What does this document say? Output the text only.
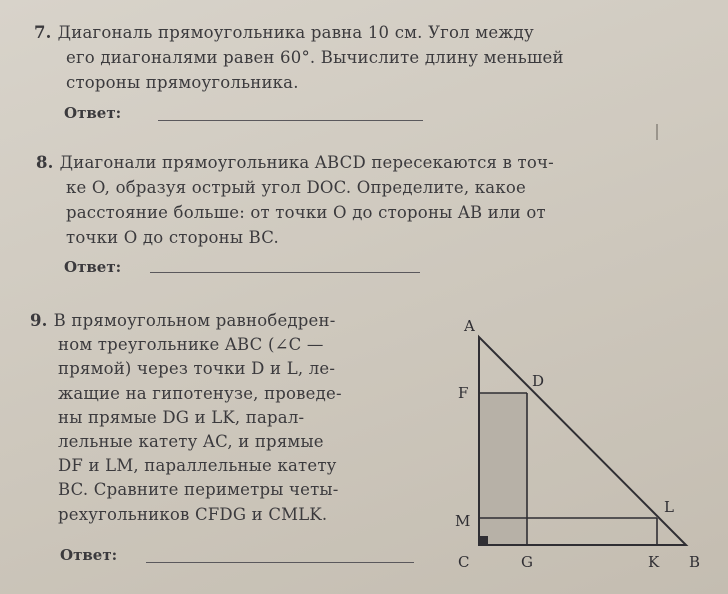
7. Диагональ прямоугольника равна 10 см. Угол между
его диагоналями равен 60°. Вычислите длину меньшей
стороны прямоугольника.
Ответ:
8. Диагонали прямоугольника ABCD пересекаются в точ-
ке O, образуя острый угол DOC. Определите, какое
расстояние больше: от точки O до стороны AB или от
точки O до стороны BC.
Ответ:
9. В прямоугольном равнобедрен-
ном треугольнике ABC (∠C —
прямой) через точки D и L, ле-
жащие на гипотенузе, проведе-
ны прямые DG и LK, парал-
лельные катету AC, и прямые
DF и LM, параллельные катету
BC. Сравните периметры четы-
рехугольников CFDG и CMLK.
Ответ:
A
B
C
D
F
G	K
L
M
